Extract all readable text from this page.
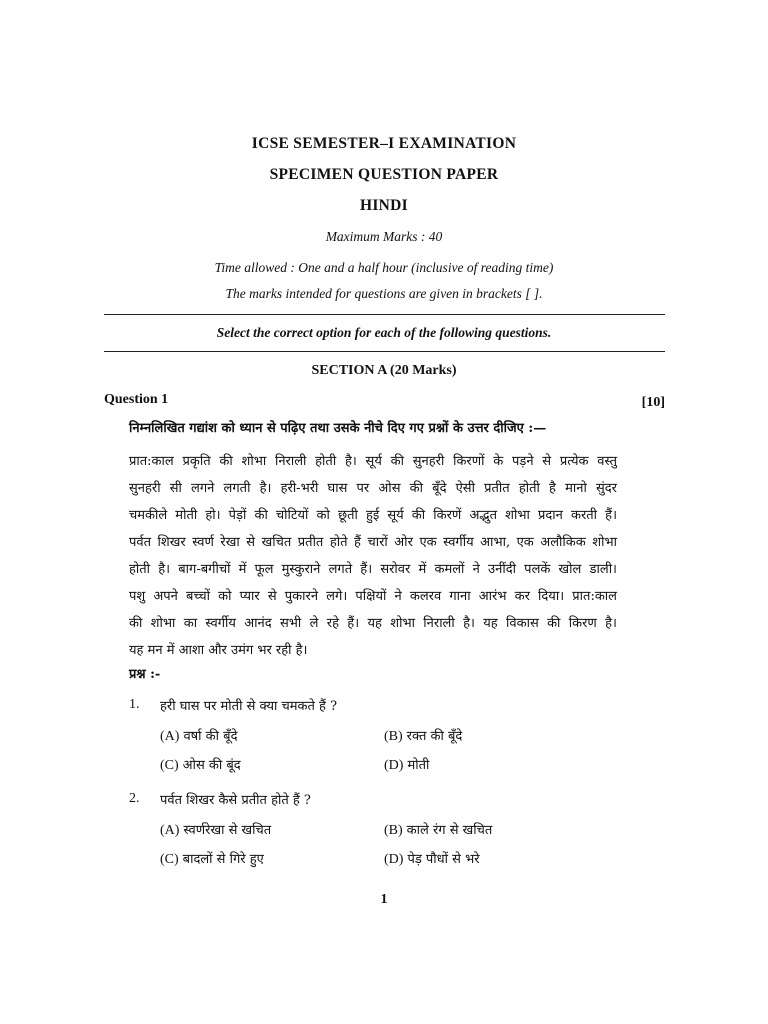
ICSE SEMESTER–I EXAMINATION
SPECIMEN QUESTION PAPER
HINDI
Maximum Marks : 40
Time allowed : One and a half hour (inclusive of reading time)
The marks intended for questions are given in brackets [ ].
Select the correct option for each of the following questions.
SECTION A (20 Marks)
Question 1	[10]
निम्नलिखित गद्यांश को ध्यान से पढ़िए तथा उसके नीचे दिए गए प्रश्नों के उत्तर दीजिए :—
प्रात:काल प्रकृति की शोभा निराली होती है। सूर्य की सुनहरी किरणों के पड़ने से प्रत्येक वस्तु
सुनहरी सी लगने लगती है। हरी-भरी घास पर ओस की बूँदे ऐसी प्रतीत होती है मानो सुंदर
चमकीले मोती हो। पेड़ों की चोटियों को छूती हुई सूर्य की किरणें अद्भुत शोभा प्रदान करती हैं।
पर्वत शिखर स्वर्ण रेखा से खचित प्रतीत होते हैं चारों ओर एक स्वर्गीय आभा, एक अलौकिक शोभा
होती है। बाग-बगीचों में फूल मुस्कुराने लगते हैं। सरोवर में कमलों ने उनींदी पलकें खोल डाली।
पशु अपने बच्चों को प्यार से पुकारने लगे। पक्षियों ने कलरव गाना आरंभ कर दिया। प्रात:काल
की शोभा का स्वर्गीय आनंद सभी ले रहे हैं। यह शोभा निराली है। यह विकास की किरण है।
यह मन में आशा और उमंग भर रही है।
प्रश्न :-
1. हरी घास पर मोती से क्या चमकते हैं ?
(A) वर्षा की बूँदे	(B) रक्त की बूँदे
(C) ओस की बूंद	(D) मोती
2. पर्वत शिखर कैसे प्रतीत होते हैं ?
(A) स्वर्णरेखा से खचित	(B) काले रंग से खचित
(C) बादलों से गिरे हुए	(D) पेड़ पौधों से भरे
1
